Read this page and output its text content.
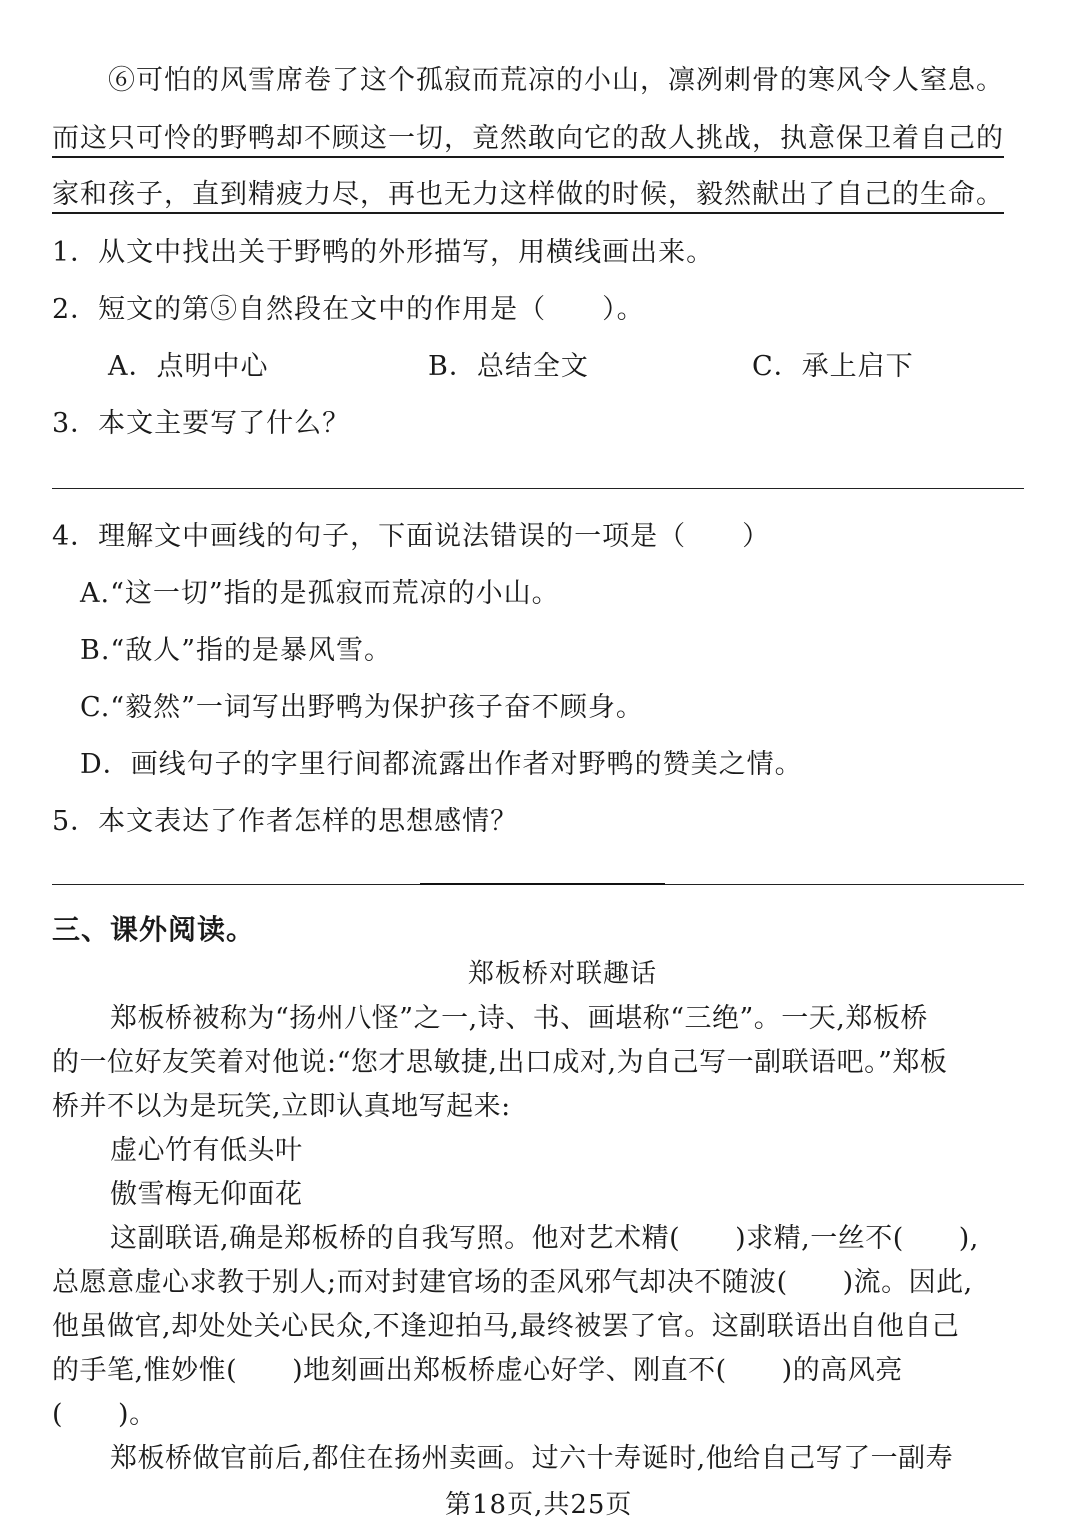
⑥可怕的风雪席卷了这个孤寂而荒凉的小山，凛冽刺骨的寒风令人窒息。
而这只可怜的野鸭却不顾这一切，竟然敢向它的敌人挑战，执意保卫着自己的
家和孩子，直到精疲力尽，再也无力这样做的时候，毅然献出了自己的生命。
1．从文中找出关于野鸭的外形描写，用横线画出来。
2．短文的第⑤自然段在文中的作用是（　　）。
A．点明中心	B．总结全文	C．承上启下
3．本文主要写了什么？
4．理解文中画线的句子，下面说法错误的一项是（　　）
A.“这一切”指的是孤寂而荒凉的小山。
B.“敌人”指的是暴风雪。
C.“毅然”一词写出野鸭为保护孩子奋不顾身。
D．画线句子的字里行间都流露出作者对野鸭的赞美之情。
5．本文表达了作者怎样的思想感情？
三、课外阅读。
郑板桥对联趣话
郑板桥被称为“扬州八怪”之一,诗、书、画堪称“三绝”。一天,郑板桥
的一位好友笑着对他说:“您才思敏捷,出口成对,为自己写一副联语吧。”郑板
桥并不以为是玩笑,立即认真地写起来:
虚心竹有低头叶
傲雪梅无仰面花
这副联语,确是郑板桥的自我写照。他对艺术精(　　)求精,一丝不(　　),
总愿意虚心求教于别人;而对封建官场的歪风邪气却决不随波(　　)流。因此,
他虽做官,却处处关心民众,不逢迎拍马,最终被罢了官。这副联语出自他自己
的手笔,惟妙惟(　　)地刻画出郑板桥虚心好学、刚直不(　　)的高风亮
(　　)。
郑板桥做官前后,都住在扬州卖画。过六十寿诞时,他给自己写了一副寿
第18页,共25页
